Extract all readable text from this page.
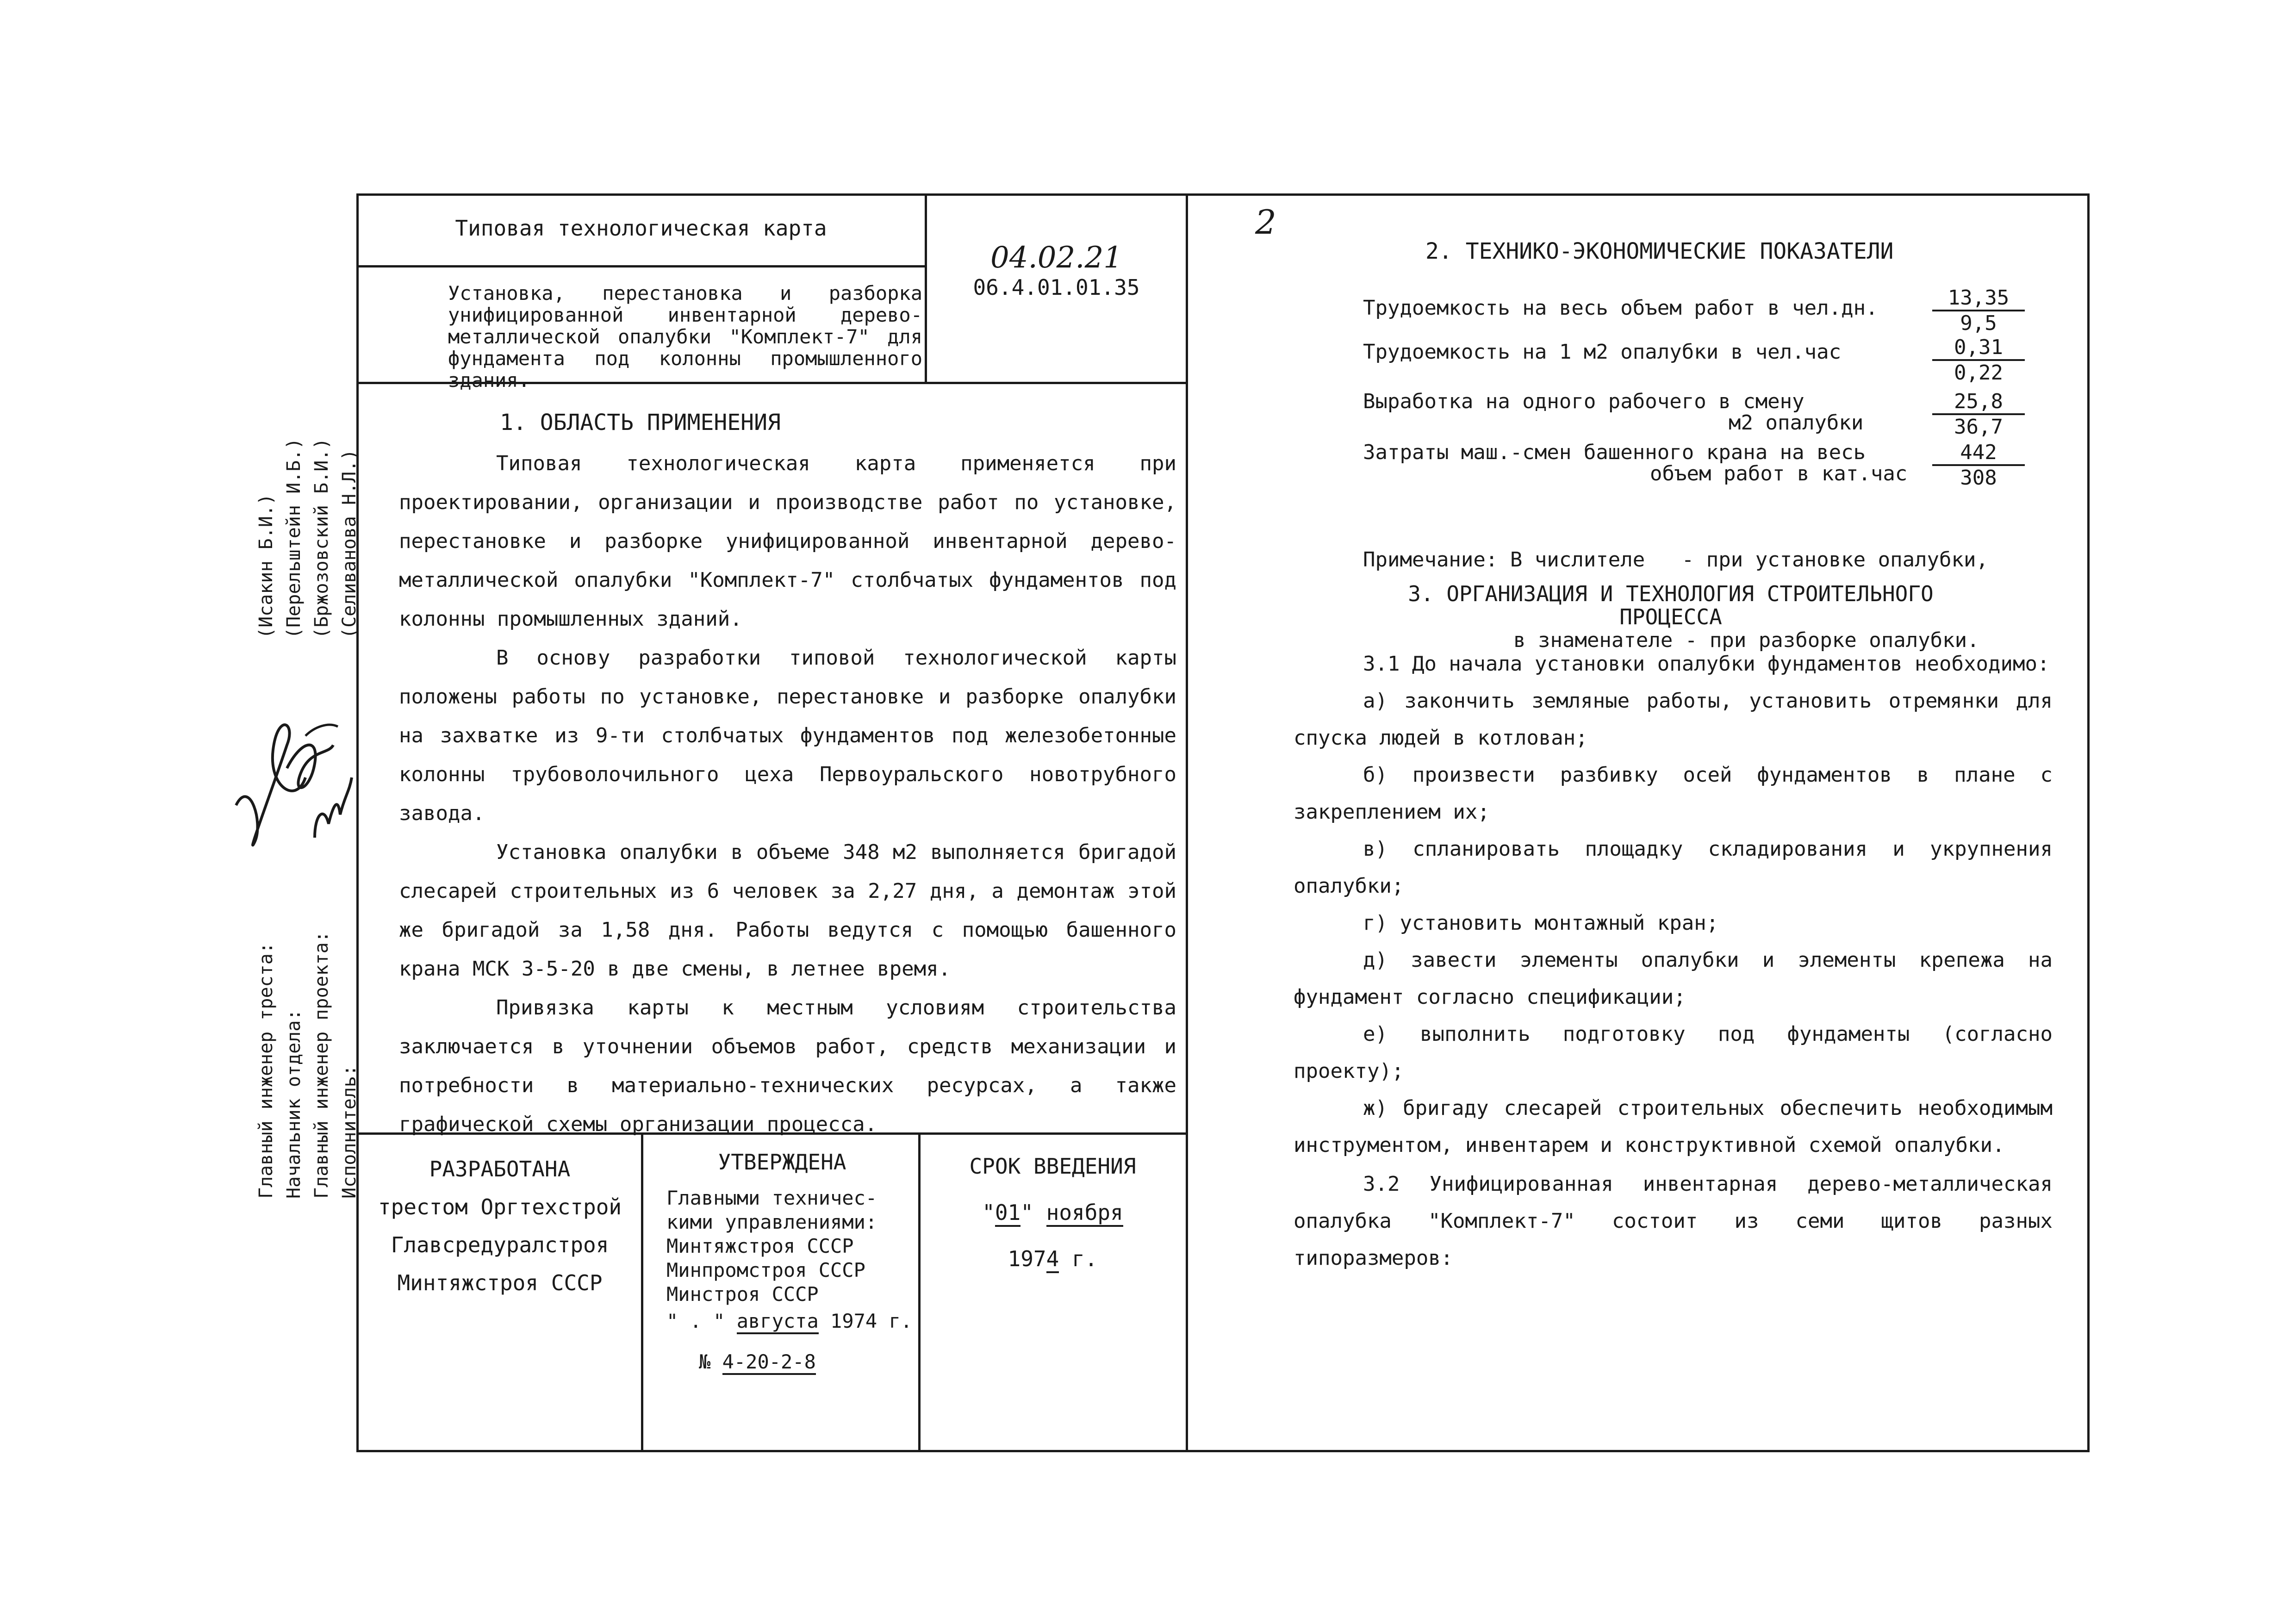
Типовая технологическая карта
Установка, перестановка и разборка унифицированной инвентарной дерево-металлической опалубки "Комплект-7" для фундамента под колонны промышленного здания.
04.02.21
06.4.01.01.35
2
Главный инженер треста: Начальник отдела: Главный инженер проекта: Исполнитель:
(Исакин Б.И.) (Перельштейн И.Б.) (Бржозовский Б.И.) (Селиванова Н.Л.)
1. ОБЛАСТЬ ПРИМЕНЕНИЯ

Типовая технологическая карта применяется при проектировании, организации и производстве работ по установке, перестановке и разборке унифицированной инвентарной дерево-металлической опалубки "Комплект-7" столбчатых фундаментов под колонны промышленных зданий.

В основу разработки типовой технологической карты положены работы по установке, перестановке и разборке опалубки на захватке из 9-ти столбчатых фундаментов под железобетонные колонны трубоволочильного цеха Первоуральского новотрубного завода.

Установка опалубки в объеме 348 м2 выполняется бригадой слесарей строительных из 6 человек за 2,27 дня, а демонтаж этой же бригадой за 1,58 дня. Работы ведутся с помощью башенного крана МСК 3-5-20 в две смены, в летнее время.

Привязка карты к местным условиям строительства заключается в уточнении объемов работ, средств механизации и потребности в материально-технических ресурсах, а также графической схемы организации процесса.

РАЗРАБОТАНА
трестом Оргтехстрой
Главсредуралстроя
Минтяжстроя СССР
УТВЕРЖДЕНА
Главными техничес-
кими управлениями:
Минтяжстроя СССР
Минпромстроя СССР
Минстроя СССР
" . " августа 1974 г.
№ 4-20-2-8
СРОК ВВЕДЕНИЯ
"01" ноября
1974 г.
2. ТЕХНИКО-ЭКОНОМИЧЕСКИЕ ПОКАЗАТЕЛИ
Трудоемкость на весь объем работ в чел.дн.	$\frac{13,35}{9,5}$
Трудоемкость на 1 м2 опалубки в чел.час	$\frac{0,31}{0,22}$
Выработка на одного рабочего в смену
м2 опалубки	$\frac{25,8}{36,7}$
Затраты маш.-смен башенного крана на весь
объем работ в $кат.час \frac{442}{308}$

Примечание: В числителе   - при установке опалубки,

в знаменателе - при разборке опалубки.

3. ОРГАНИЗАЦИЯ И ТЕХНОЛОГИЯ СТРОИТЕЛЬНОГО
ПРОЦЕССА

3.1 До начала установки опалубки фундаментов необходимо:

а) закончить земляные работы, установить отремянки для спуска людей в котлован;

б) произвести разбивку осей фундаментов в плане с закреплением их;

в) спланировать площадку складирования и укрупнения опалубки;

г) установить монтажный кран;

д) завести элементы опалубки и элементы крепежа на фундамент согласно спецификации;

е) выполнить подготовку под фундаменты (согласно проекту);

ж) бригаду слесарей строительных обеспечить необходимым инструментом, инвентарем и конструктивной схемой опалубки.

3.2 Унифицированная инвентарная дерево-металлическая опалубка "Комплект-7" состоит из семи щитов разных типоразмеров:
